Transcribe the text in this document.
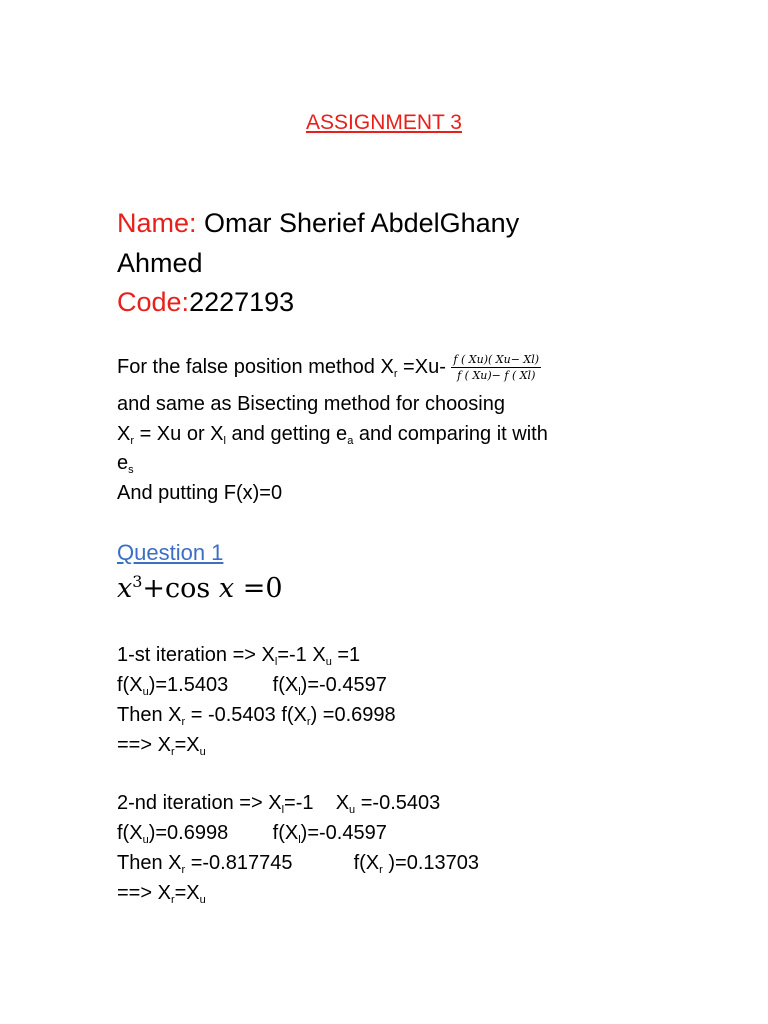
ASSIGNMENT 3
Name: Omar Sherief AbdelGhany
Ahmed
Code:2227193
For the false position method $X_r =Xu- \frac{f ( Xu)( Xu- Xl)}{f ( Xu)- f ( Xl)}$
and same as Bisecting method for choosing
$X_r = Xu$ or $X_l$ and getting $e_a$ and comparing it with
$e_s$
And putting F(x)=0
Question 1
$x^3+\cos$ x =0
1-st iteration => $X_l=-1$ $X_u =1$
$f(X_u)=1.5403$        $f(X_l)=-0.4597$
Then $X_r = -0.5403$ $f(X_r) =0.6998$
==> $X_r=X_u$
2-nd iteration => $X_l=-1$    $X_u =-0.5403$
$f(X_u)=0.6998$        $f(X_l)=-0.4597$
Then $X_r =-0.817745$           $f(X_r$ )=0.13703
==> $X_r=X_u$
